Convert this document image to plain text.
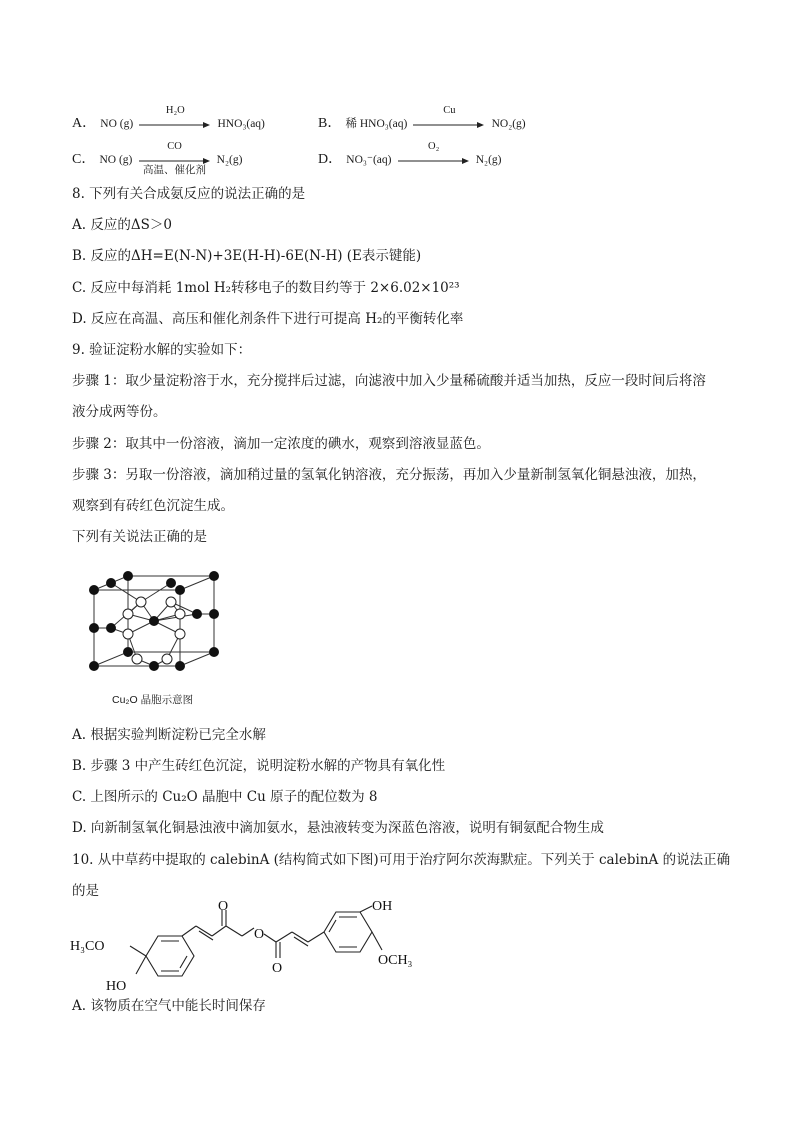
A． NO (g)
H₂O
HNO₃(aq)	B． 稀 HNO₃(aq)
Cu
NO₂(g)
C． NO (g)
CO
高温、催化剂
N₂(g)	D． NO₃⁻(aq)
O₂
N₂(g)
8. 下列有关合成氨反应的说法正确的是
A. 反应的ΔS＞0
B. 反应的ΔH=E(N-N)+3E(H-H)-6E(N-H) (E表示键能)
C. 反应中每消耗 1mol H₂转移电子的数目约等于 2×6.02×10²³
D. 反应在高温、高压和催化剂条件下进行可提高 H₂的平衡转化率
9. 验证淀粉水解的实验如下：
步骤 1：取少量淀粉溶于水，充分搅拌后过滤，向滤液中加入少量稀硫酸并适当加热，反应一段时间后将溶
液分成两等份。
步骤 2：取其中一份溶液，滴加一定浓度的碘水，观察到溶液显蓝色。
步骤 3：另取一份溶液，滴加稍过量的氢氧化钠溶液，充分振荡，再加入少量新制氢氧化铜悬浊液，加热，
观察到有砖红色沉淀生成。
下列有关说法正确的是
Cu₂O 晶胞示意图
A. 根据实验判断淀粉已完全水解
B. 步骤 3 中产生砖红色沉淀，说明淀粉水解的产物具有氧化性
C. 上图所示的 Cu₂O 晶胞中 Cu 原子的配位数为 8
D. 向新制氢氧化铜悬浊液中滴加氨水，悬浊液转变为深蓝色溶液，说明有铜氨配合物生成
10. 从中草药中提取的 calebinA (结构简式如下图)可用于治疗阿尔茨海默症。下列关于 calebinA 的说法正确
的是
H₃CO
HO
O
O
O
OH
OCH₃
A. 该物质在空气中能长时间保存
